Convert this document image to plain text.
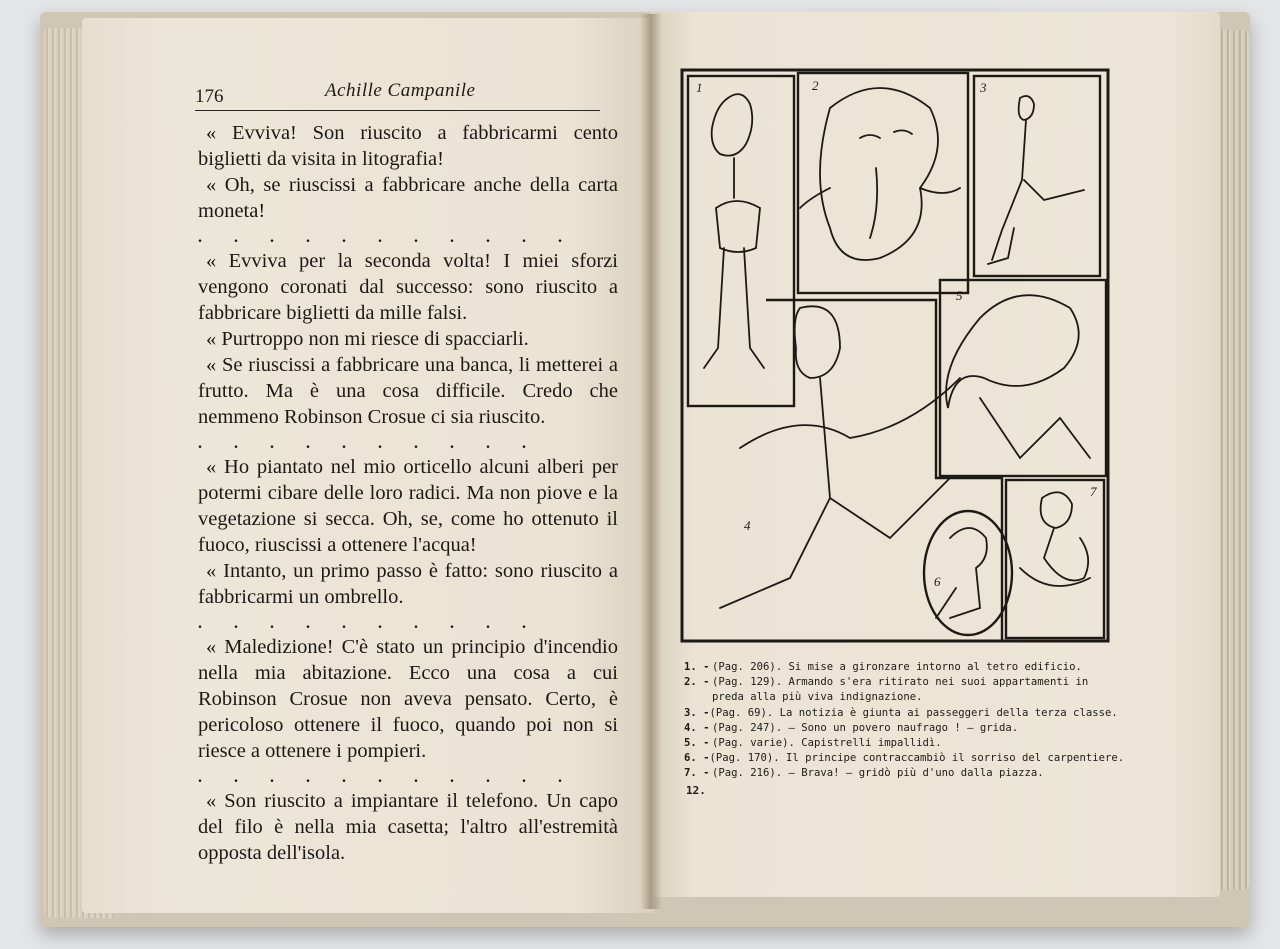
176	Achille Campanile

« Evviva! Son riuscito a fabbricarmi cento biglietti da visita in litografia!

« Oh, se riuscissi a fabbricare anche della carta moneta!

. . . . . . . . . . .

« Evviva per la seconda volta! I miei sforzi vengono coronati dal successo: sono riuscito a fabbricare biglietti da mille falsi.

« Purtroppo non mi riesce di spacciarli.

« Se riuscissi a fabbricare una banca, li metterei a frutto. Ma è una cosa difficile. Credo che nemmeno Robinson Crosue ci sia riuscito.

. . . . . . . . . .

« Ho piantato nel mio orticello alcuni alberi per potermi cibare delle loro radici. Ma non piove e la vegetazione si secca. Oh, se, come ho ottenuto il fuoco, riuscissi a ottenere l'acqua!

« Intanto, un primo passo è fatto: sono riuscito a fabbricarmi un ombrello.

. . . . . . . . . .

« Maledizione! C'è stato un principio d'incendio nella mia abitazione. Ecco una cosa a cui Robinson Crosue non aveva pensato. Certo, è pericoloso ottenere il fuoco, quando poi non si riesce a ottenere i pompieri.

. . . . . . . . . . .

« Son riuscito a impiantare il telefono. Un capo del filo è nella mia casetta; l'altro all'estremità opposta dell'isola.

1	2	3
4
5
6
7
1. - (Pag. 206). Si mise a gironzare intorno al tetro edificio.
2. - (Pag. 129). Armando s'era ritirato nei suoi appartamenti in
preda alla più viva indignazione.
3. - (Pag. 69). La notizia è giunta ai passeggeri della terza classe.
4. - (Pag. 247). — Sono un povero naufrago ! — grida.
5. - (Pag. varie). Capistrelli impallidì.
6. - (Pag. 170). Il principe contraccambiò il sorriso del carpentiere.
7. - (Pag. 216). — Brava! — gridò più d'uno dalla piazza.
12.
